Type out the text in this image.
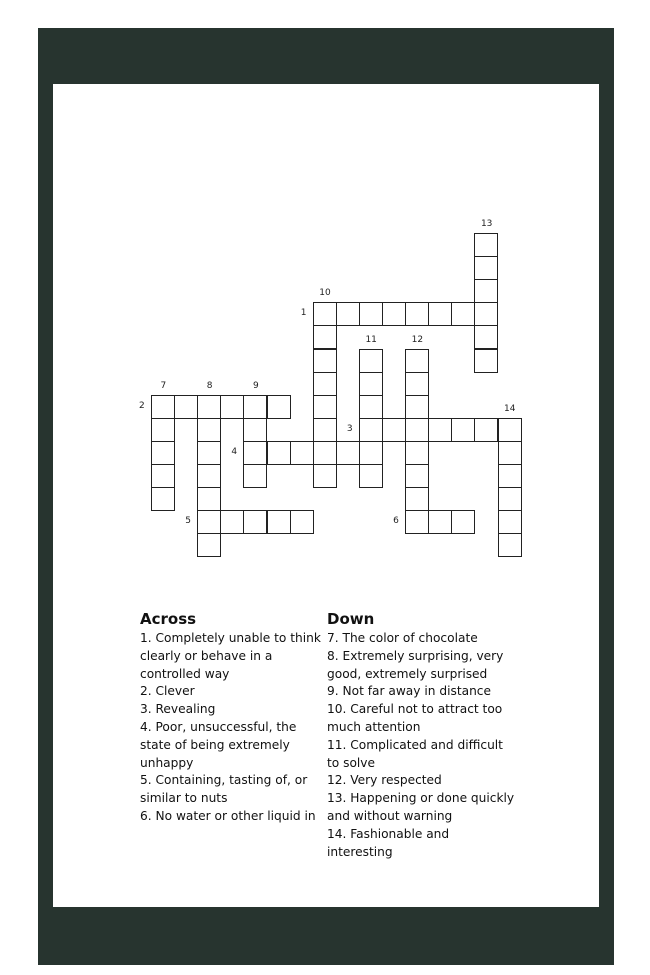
1
2
3
4
5	6
7	8	9
10
11	12
13
14
Across
1. Completely unable to think clearly or behave in a controlled way
2. Clever
3. Revealing
4. Poor, unsuccessful, the state of being extremely unhappy
5. Containing, tasting of, or similar to nuts
6. No water or other liquid in
Down
7. The color of chocolate
8. Extremely surprising, very good, extremely surprised
9. Not far away in distance
10. Careful not to attract too much attention
11. Complicated and difficult to solve
12. Very respected
13. Happening or done quickly and without warning
14. Fashionable and interesting
